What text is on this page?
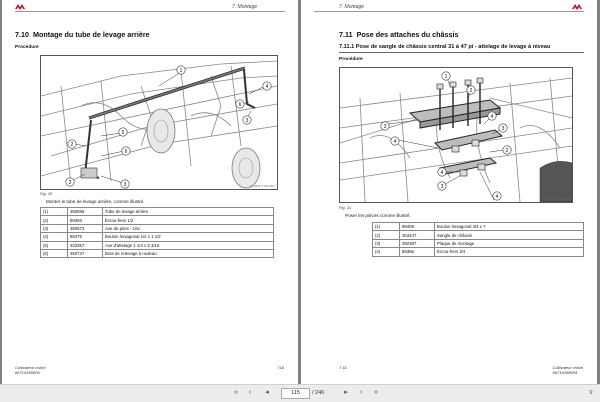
7. Montage
7.10 Montage du tube de levage arrière
Procédure
1
2
3
4
5
6
2
6
3
IL-DMT-T-001-007
Fig. 30
Monter le tube de levage arrière, comme illustré.
(1)	350586	Tube de levage arrière
(2)	89363	Écrou-frein 1/2
(3)	350573	Axe de pivot - zinc
(4)	88475	Boulon hexagonal 1/2 x 1 1/2
(5)	333357	Axe d'attelage 1 1/4 x 5 3/16
(6)	350737	Bras de relevage à rouleau
Cultivateur chisel
867143586FA
716
7. Montage
7.11 Pose des attaches du châssis
7.11.1 Pose de sangle de châssis central 31 à 47 pi - attelage de levage à niveau
Procédure
1
2
3
4
4
3
2
4
3
4	IL-DMT-T-001-008
Fig. 31
Poser les pièces comme illustré.
(1)	89409	Boulon hexagonal 3/4 x 7
(2)	353447	Sangle de châssis
(3)	392387	Plaque de montage
(4)	89356	Écrou-frein 3/4
7.16	Cultivateur chisel
867143586FA
«	‹	◂	115	/ 246	▸	›	»	9
